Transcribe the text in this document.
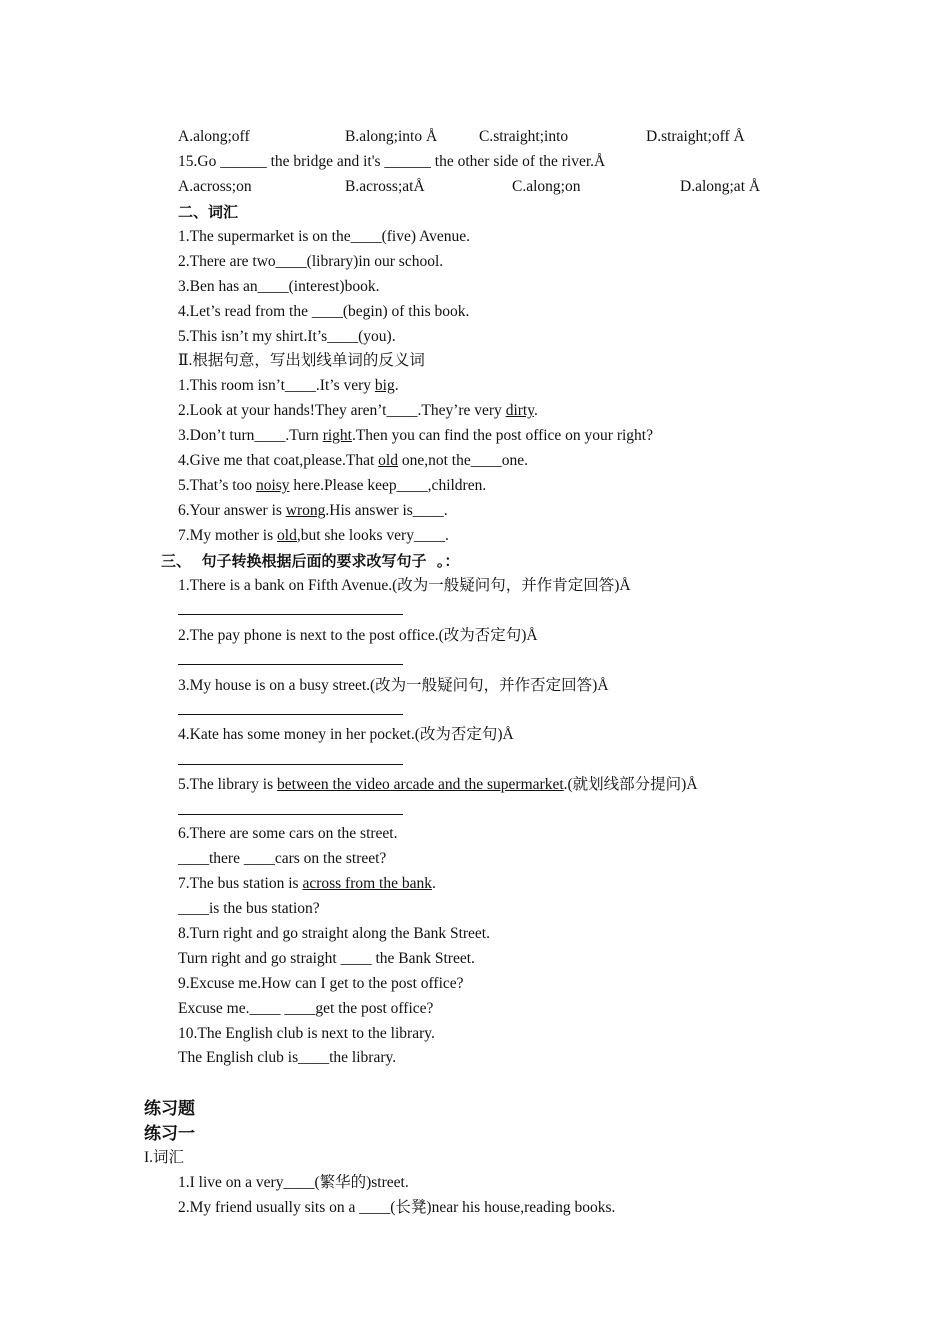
A.along;off	B.along;into Å	C.straight;into	D.straight;off Å
15.Go ______ the bridge and it's ______ the other side of the river.Å
A.across;on	B.across;atÅ	C.along;on	D.along;at Å
二、词汇
1.The supermarket is on the____(five) Avenue.
2.There are two____(library)in our school.
3.Ben has an____(interest)book.
4.Let’s read from the ____(begin) of this book.
5.This isn’t my shirt.It’s____(you).
Ⅱ.根据句意，写出划线单词的反义词
1.This room isn’t____.It’s very big.
2.Look at your hands!They aren’t____.They’re very dirty.
3.Don’t turn____.Turn right.Then you can find the post office on your right?
4.Give me that coat,please.That old one,not the____one.
5.That’s too noisy here.Please keep____,children.
6.Your answer is wrong.His answer is____.
7.My mother is old,but she looks very____.
三、  句子转换根据后面的要求改写句子  。：
1.There is a bank on Fifth Avenue.(改为一般疑问句，并作肯定回答)Å
2.The pay phone is next to the post office.(改为否定句)Å
3.My house is on a busy street.(改为一般疑问句，并作否定回答)Å
4.Kate has some money in her pocket.(改为否定句)Å
5.The library is between the video arcade and the supermarket.(就划线部分提问)Å
6.There are some cars on the street.
____there ____cars on the street?
7.The bus station is across from the bank.
____is the bus station?
8.Turn right and go straight along the Bank Street.
Turn right and go straight ____ the Bank Street.
9.Excuse me.How can I get to the post office?
Excuse me.____ ____get the post office?
10.The English club is next to the library.
The English club is____the library.
练习题
练习一
I.词汇
1.I live on a very____(繁华的)street.
2.My friend usually sits on a ____(长凳)near his house,reading books.
